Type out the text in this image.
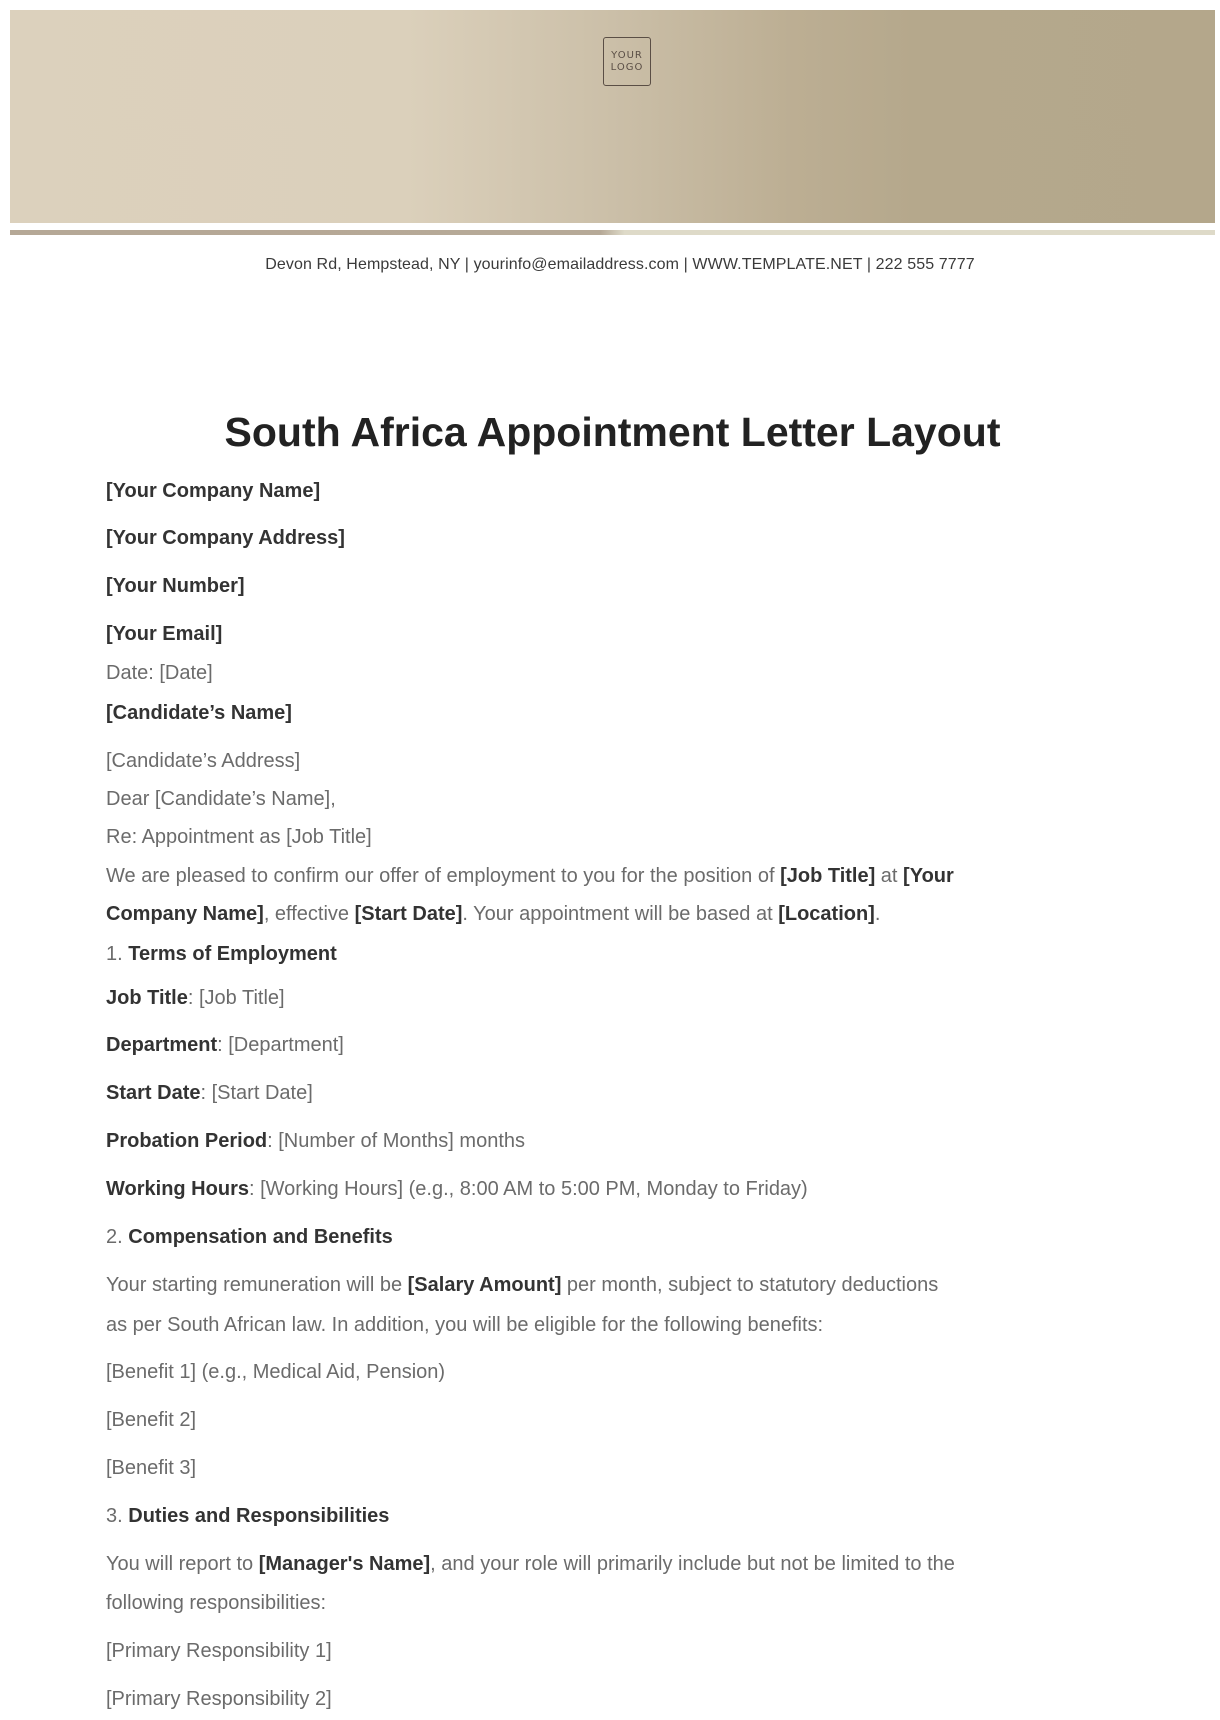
YOUR
LOGO
Devon Rd, Hempstead, NY | yourinfo@emailaddress.com | WWW.TEMPLATE.NET | 222 555 7777
South Africa Appointment Letter Layout
[Your Company Name]
[Your Company Address]
[Your Number]
[Your Email]
Date: [Date]
[Candidate’s Name]
[Candidate’s Address]
Dear [Candidate’s Name],
Re: Appointment as [Job Title]
We are pleased to confirm our offer of employment to you for the position of [Job Title] at [Your
Company Name], effective [Start Date]. Your appointment will be based at [Location].
1. Terms of Employment
Job Title: [Job Title]
Department: [Department]
Start Date: [Start Date]
Probation Period: [Number of Months] months
Working Hours: [Working Hours] (e.g., 8:00 AM to 5:00 PM, Monday to Friday)
2. Compensation and Benefits
Your starting remuneration will be [Salary Amount] per month, subject to statutory deductions
as per South African law. In addition, you will be eligible for the following benefits:
[Benefit 1] (e.g., Medical Aid, Pension)
[Benefit 2]
[Benefit 3]
3. Duties and Responsibilities
You will report to [Manager's Name], and your role will primarily include but not be limited to the
following responsibilities:
[Primary Responsibility 1]
[Primary Responsibility 2]
